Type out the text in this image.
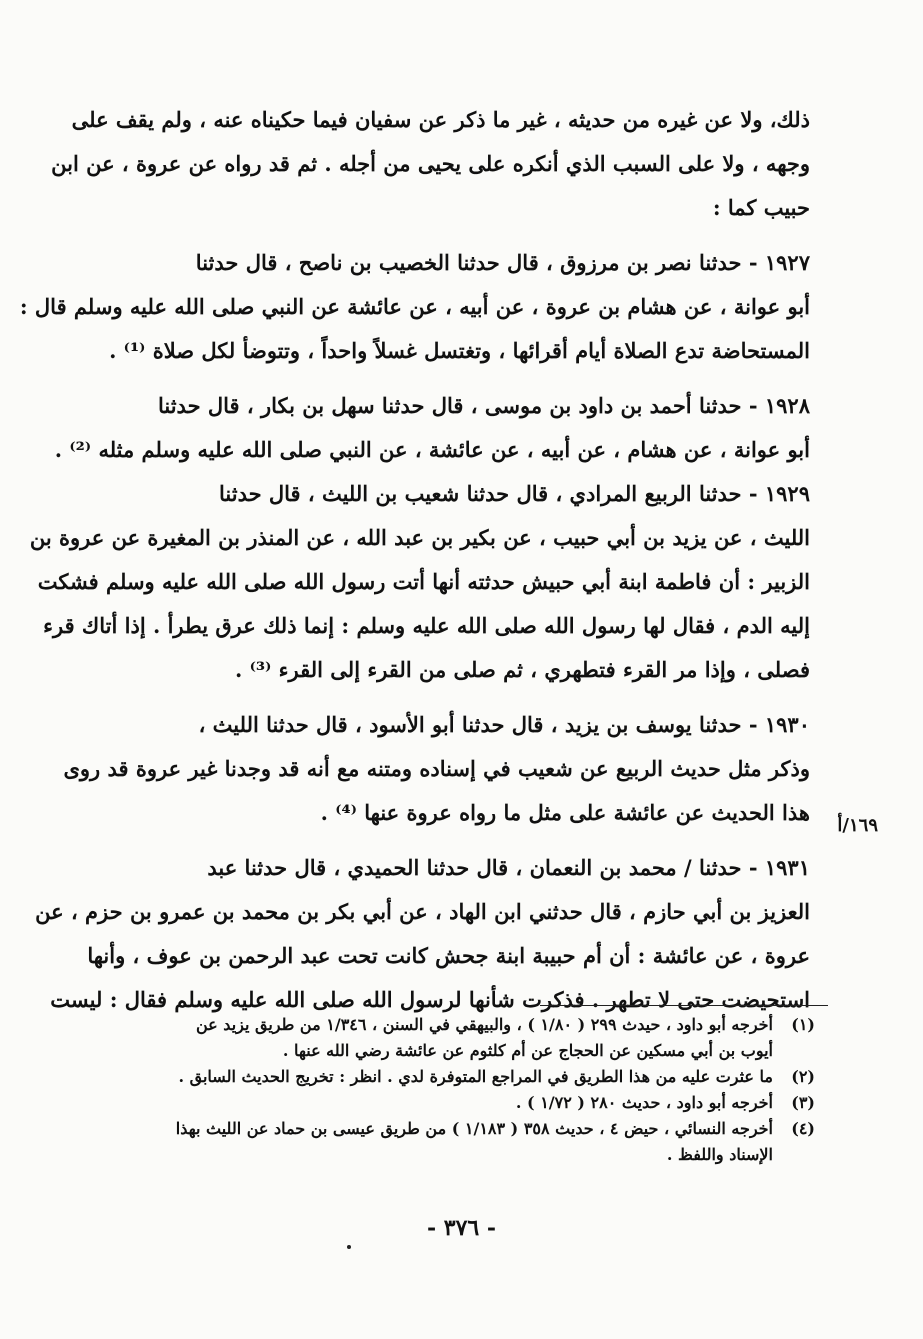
ذلك، ولا عن غيره من حديثه ، غير ما ذكر عن سفيان فيما حكيناه عنه ، ولم يقف على
وجهه ، ولا على السبب الذي أنكره على يحيى من أجله . ثم قد رواه عن عروة ، عن ابن
حبيب كما :
١٩٢٧ - حدثنا نصر بن مرزوق ، قال حدثنا الخصيب بن ناصح ، قال حدثنا
أبو عوانة ، عن هشام بن عروة ، عن أبيه ، عن عائشة عن النبي صلى الله عليه وسلم قال :
المستحاضة تدع الصلاة أيام أقرائها ، وتغتسل غسلاً واحداً ، وتتوضأ لكل صلاة ⁽¹⁾ .
١٩٢٨ - حدثنا أحمد بن داود بن موسى ، قال حدثنا سهل بن بكار ، قال حدثنا
أبو عوانة ، عن هشام ، عن أبيه ، عن عائشة ، عن النبي صلى الله عليه وسلم مثله ⁽²⁾ .
١٩٢٩ - حدثنا الربيع المرادي ، قال حدثنا شعيب بن الليث ، قال حدثنا
الليث ، عن يزيد بن أبي حبيب ، عن بكير بن عبد الله ، عن المنذر بن المغيرة عن عروة بن
الزبير : أن فاطمة ابنة أبي حبيش حدثته أنها أتت رسول الله صلى الله عليه وسلم فشكت
إليه الدم ، فقال لها رسول الله صلى الله عليه وسلم : إنما ذلك عرق يطرأ . إذا أتاك قرء
فصلى ، وإذا مر القرء فتطهري ، ثم صلى من القرء إلى القرء ⁽³⁾ .
١٩٣٠ - حدثنا يوسف بن يزيد ، قال حدثنا أبو الأسود ، قال حدثنا الليث ،
وذكر مثل حديث الربيع عن شعيب في إسناده ومتنه مع أنه قد وجدنا غير عروة قد روى
هذا الحديث عن عائشة على مثل ما رواه عروة عنها ⁽⁴⁾ .
١٩٣١ - حدثنا / محمد بن النعمان ، قال حدثنا الحميدي ، قال حدثنا عبد
العزيز بن أبي حازم ، قال حدثني ابن الهاد ، عن أبي بكر بن محمد بن عمرو بن حزم ، عن
عروة ، عن عائشة : أن أم حبيبة ابنة جحش كانت تحت عبد الرحمن بن عوف ، وأنها
استحيضت حتى لا تطهر . فذكرت شأنها لرسول الله صلى الله عليه وسلم فقال : ليست
١٦٩/أ
(١)أخرجه أبو داود ، حيدث ٢٩٩ ( ١/٨٠ ) ، والبيهقي في السنن ، ١/٣٤٦ من طريق يزيد عن
أيوب بن أبي مسكين عن الحجاج عن أم كلثوم عن عائشة رضي الله عنها .
(٢)ما عثرت عليه من هذا الطريق في المراجع المتوفرة لدي . انظر : تخريج الحديث السابق .
(٣)أخرجه أبو داود ، حديث ٢٨٠ ( ١/٧٢ ) .
(٤)أخرجه النسائي ، حيض ٤ ، حديث ٣٥٨ ( ١/١٨٣ ) من طريق عيسى بن حماد عن الليث بهذا
الإسناد واللفظ .
- ٣٧٦ -
